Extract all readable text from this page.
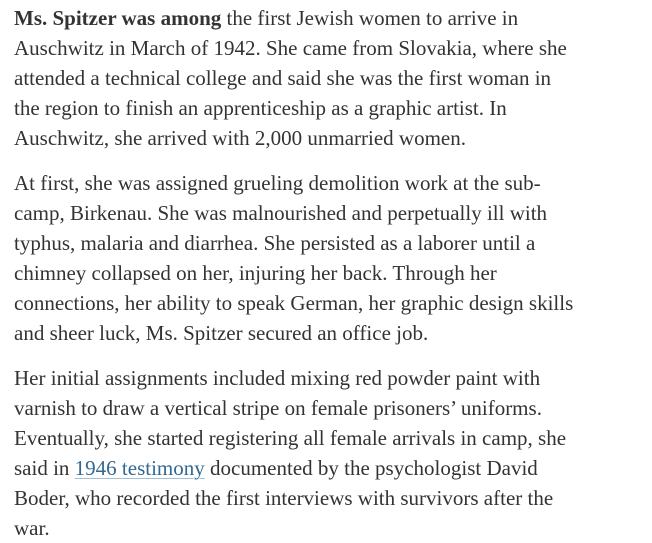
Ms. Spitzer was among the first Jewish women to arrive in
Auschwitz in March of 1942. She came from Slovakia, where she
attended a technical college and said she was the first woman in
the region to finish an apprenticeship as a graphic artist. In
Auschwitz, she arrived with 2,000 unmarried women.
At first, she was assigned grueling demolition work at the sub-
camp, Birkenau. She was malnourished and perpetually ill with
typhus, malaria and diarrhea. She persisted as a laborer until a
chimney collapsed on her, injuring her back. Through her
connections, her ability to speak German, her graphic design skills
and sheer luck, Ms. Spitzer secured an office job.
Her initial assignments included mixing red powder paint with
varnish to draw a vertical stripe on female prisoners’ uniforms.
Eventually, she started registering all female arrivals in camp, she
said in 1946 testimony documented by the psychologist David
Boder, who recorded the first interviews with survivors after the
war.
